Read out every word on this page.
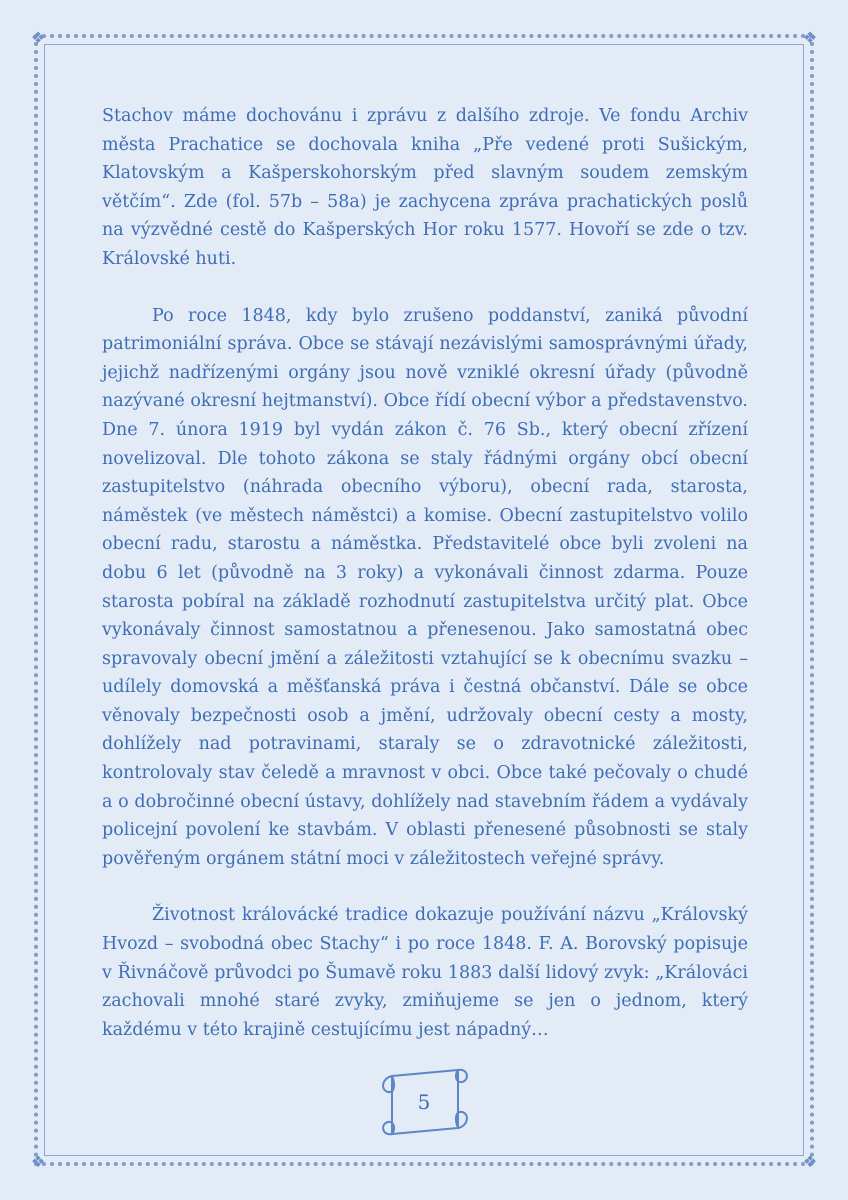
❖	❖
❖	❖

Stachov máme dochovánu i zprávu z dalšího zdroje. Ve fondu Archiv města Prachatice se dochovala kniha „Pře vedené proti Sušickým, Klatovským a Kašperskohorským před slavným soudem zemským větčím“. Zde (fol. 57b – 58a) je zachycena zpráva prachatických poslů na výzvědné cestě do Kašperských Hor roku 1577. Hovoří se zde o tzv. Královské huti.

Po roce 1848, kdy bylo zrušeno poddanství, zaniká původní patrimoniální správa. Obce se stávají nezávislými samosprávnými úřady, jejichž nadřízenými orgány jsou nově vzniklé okresní úřady (původně nazývané okresní hejtmanství). Obce řídí obecní výbor a představenstvo. Dne 7. února 1919 byl vydán zákon č. 76 Sb., který obecní zřízení novelizoval. Dle tohoto zákona se staly řádnými orgány obcí obecní zastupitelstvo (náhrada obecního výboru), obecní rada, starosta, náměstek (ve městech náměstci) a komise. Obecní zastupitelstvo volilo obecní radu, starostu a náměstka. Představitelé obce byli zvoleni na dobu 6 let (původně na 3 roky) a vykonávali činnost zdarma. Pouze starosta pobíral na základě rozhodnutí zastupitelstva určitý plat. Obce vykonávaly činnost samostatnou a přenesenou. Jako samostatná obec spravovaly obecní jmění a záležitosti vztahující se k obecnímu svazku – udílely domovská a měšťanská práva i čestná občanství. Dále se obce věnovaly bezpečnosti osob a jmění, udržovaly obecní cesty a mosty, dohlížely nad potravinami, staraly se o zdravotnické záležitosti, kontrolovaly stav čeledě a mravnost v obci. Obce také pečovaly o chudé a o dobročinné obecní ústavy, dohlížely nad stavebním řádem a vydávaly policejní povolení ke stavbám. V oblasti přenesené působnosti se staly pověřeným orgánem státní moci v záležitostech veřejné správy.

Životnost královácké tradice dokazuje používání názvu „Královský Hvozd – svobodná obec Stachy“ i po roce 1848. F. A. Borovský popisuje v Řivnáčově průvodci po Šumavě roku 1883 další lidový zvyk: „Králováci zachovali mnohé staré zvyky, zmiňujeme se jen o jednom, který každému v této krajině cestujícímu jest nápadný…

5
